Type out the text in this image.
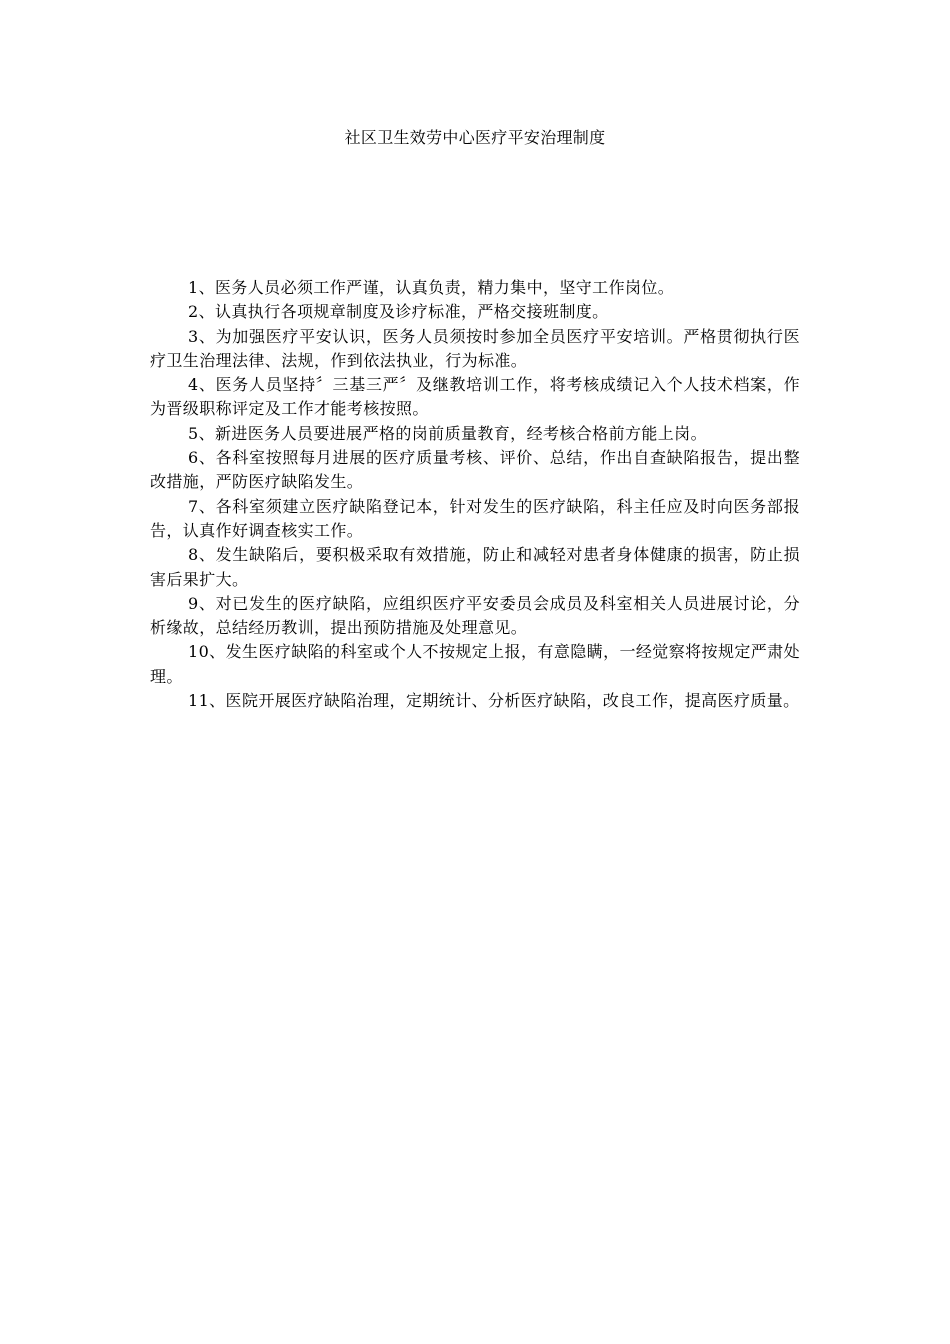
社区卫生效劳中心医疗平安治理制度

1、医务人员必须工作严谨，认真负责，精力集中，坚守工作岗位。

2、认真执行各项规章制度及诊疗标准，严格交接班制度。

3、为加强医疗平安认识，医务人员须按时参加全员医疗平安培训。严格贯彻执行医疗卫生治理法律、法规，作到依法执业，行为标准。

4、医务人员坚持〞三基三严〞及继教培训工作，将考核成绩记入个人技术档案，作为晋级职称评定及工作才能考核按照。

5、新进医务人员要进展严格的岗前质量教育，经考核合格前方能上岗。

6、各科室按照每月进展的医疗质量考核、评价、总结，作出自查缺陷报告，提出整改措施，严防医疗缺陷发生。

7、各科室须建立医疗缺陷登记本，针对发生的医疗缺陷，科主任应及时向医务部报告，认真作好调查核实工作。

8、发生缺陷后，要积极采取有效措施，防止和减轻对患者身体健康的损害，防止损害后果扩大。

9、对已发生的医疗缺陷，应组织医疗平安委员会成员及科室相关人员进展讨论，分析缘故，总结经历教训，提出预防措施及处理意见。

10、发生医疗缺陷的科室或个人不按规定上报，有意隐瞒，一经觉察将按规定严肃处理。

11、医院开展医疗缺陷治理，定期统计、分析医疗缺陷，改良工作，提高医疗质量。
